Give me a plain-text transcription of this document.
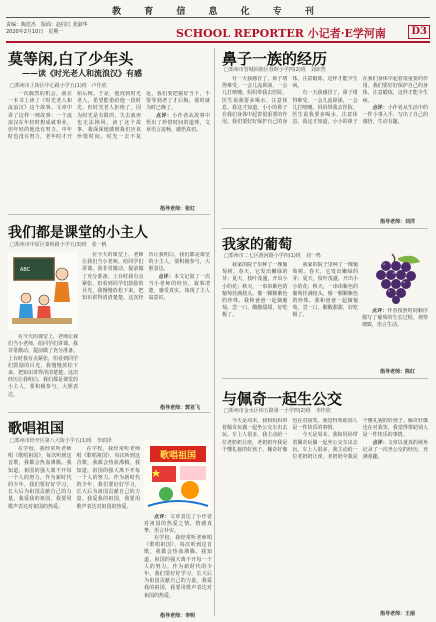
教 育 信 息 化 专 刊
责编：陶思杰　版面：赵同江 张淑华
2020年2月10日　星期一	SCHOOL REPORTER 小记者·E学河南	D3
莫等闲,白了少年头
——读《时光老人和流浪汉》有感
□郑州市上街区中心路小学五(1)班　卢佳欣

一次偶然的机会，我在一本书上读了《时光老人和流浪汉》这个故事。文章中讲了这样一则故事：一个流浪汉在年轻时想成就事业，但年轻的他没有努力，中年时也没有努力，老年时才开始后悔。于是，他找到时光老人，希望能借给他一段时光，但时光老人拒绝了，因为时光是有限的，失去就再也无法挽回。读了这个故事，我深深地感到我们应该珍惜时间。时光一去不复返，我们要把握好当下，不要等到老了才后悔，那时就为时已晚了。

点评：小作者从故事中悟出了珍惜时间的道理，文章语言流畅，感悟真切。

指导老师：张红
我们都是课堂的小主人
□郑州市中原区秦岭路小学五(3)班　张一帆
ABC

在今天的课堂上，老师让我们当小老师，给同学们讲课。我非常激动，提前做了充分准备。上台时我有点紧张，但看到同学们鼓励的目光，我慢慢放松下来，把知识讲得清清楚楚。这次经历让我明白，我们都是课堂的小主人，要积极参与，大胆表达。

点评：本文记叙了一次当小老师的经历，叙事清楚，感受真实，体现了主人翁意识。

在今天的课堂上，老师让我们当小老师，给同学们讲课。我非常激动，提前做了充分准备。上台时我有点紧张，但看到同学们鼓励的目光，我慢慢放松下来，把知识讲得清清楚楚。这次经历让我明白，我们都是课堂的小主人，要积极参与，大胆表达。

指导老师：郭亚飞
歌唱祖国
□郑州市经开区第八大街小学五(1)班　李润泽

在学校，我经常听老师唱《歌唱祖国》，每次听到这首歌，我都会热血沸腾。我知道，祖国的强大离不开每一个人的努力。作为新时代的少年，我们要好好学习，长大后为祖国贡献自己的力量。我爱我的祖国，我要用歌声表达对祖国的热爱。

在学校，我经常听老师唱《歌唱祖国》，每次听到这首歌，我都会热血沸腾。我知道，祖国的强大离不开每一个人的努力。作为新时代的少年，我们要好好学习，长大后为祖国贡献自己的力量。我爱我的祖国，我要用歌声表达对祖国的热爱。

歌唱祖国

点评：文章表达了小作者对祖国的热爱之情，情感真挚，语言朴实。

在学校，我经常听老师唱《歌唱祖国》，每次听到这首歌，我都会热血沸腾。我知道，祖国的强大离不开每一个人的努力。作为新时代的少年，我们要好好学习，长大后为祖国贡献自己的力量。我爱我的祖国，我要用歌声表达对祖国的热爱。

指导老师：李明
鼻子一族的经历
□郑州市管城回族区春晖小学四(2)班　刘沛然

有一天我感冒了，鼻子堵得难受，一会儿流鼻涕，一会儿打喷嚏。妈妈带我去医院，医生说我要多喝水、注意休息。我这才知道，小小的鼻子在我们身体中起着很重要的作用。我们要好好保护自己的身体，注意锻炼，这样才能少生病。

有一天我感冒了，鼻子堵得难受，一会儿流鼻涕，一会儿打喷嚏。妈妈带我去医院，医生说我要多喝水、注意休息。我这才知道，小小的鼻子在我们身体中起着很重要的作用。我们要好好保护自己的身体，注意锻炼，这样才能少生病。

点评：小作者从生活中的一件小事入手，写出了自己的感悟，生动有趣。

指导老师：刘洋
我家的葡萄
□郑州市二七区淮河路小学四(1)班　刘一鸣

我家的院子里种了一棵葡萄树。春天，它发出嫩绿的芽；夏天，枝叶茂盛，开出小小的花；秋天，一串串紫色的葡萄挂满枝头，像一颗颗紫色的珍珠。我和爸爸一起摘葡萄，尝一口，酸酸甜甜，好吃极了。

我家的院子里种了一棵葡萄树。春天，它发出嫩绿的芽；夏天，枝叶茂盛，开出小小的花；秋天，一串串紫色的葡萄挂满枝头，像一颗颗紫色的珍珠。我和爸爸一起摘葡萄，尝一口，酸酸甜甜，好吃极了。

点评：作者按照时间顺序描写了葡萄的生长过程，观察细致，语言生动。

指导老师：陈红
与佩奇一起生公交
□郑州市金水区纬五路第一小学四(2)班　李佳欣

今天是周末，我和妈妈带着佩奇玩偶一起坐公交车出去玩。车上人很多，我主动给一位老奶奶让座，老奶奶夸我是个懂礼貌的好孩子。佩奇好像也在对我笑。我觉得帮助别人是一件快乐的事情。

今天是周末，我和妈妈带着佩奇玩偶一起坐公交车出去玩。车上人很多，我主动给一位老奶奶让座，老奶奶夸我是个懂礼貌的好孩子。佩奇好像也在对我笑。我觉得帮助别人是一件快乐的事情。

点评：文章以童真的视角记录了一次坐公交的经历，充满童趣。

指导老师：王丽
